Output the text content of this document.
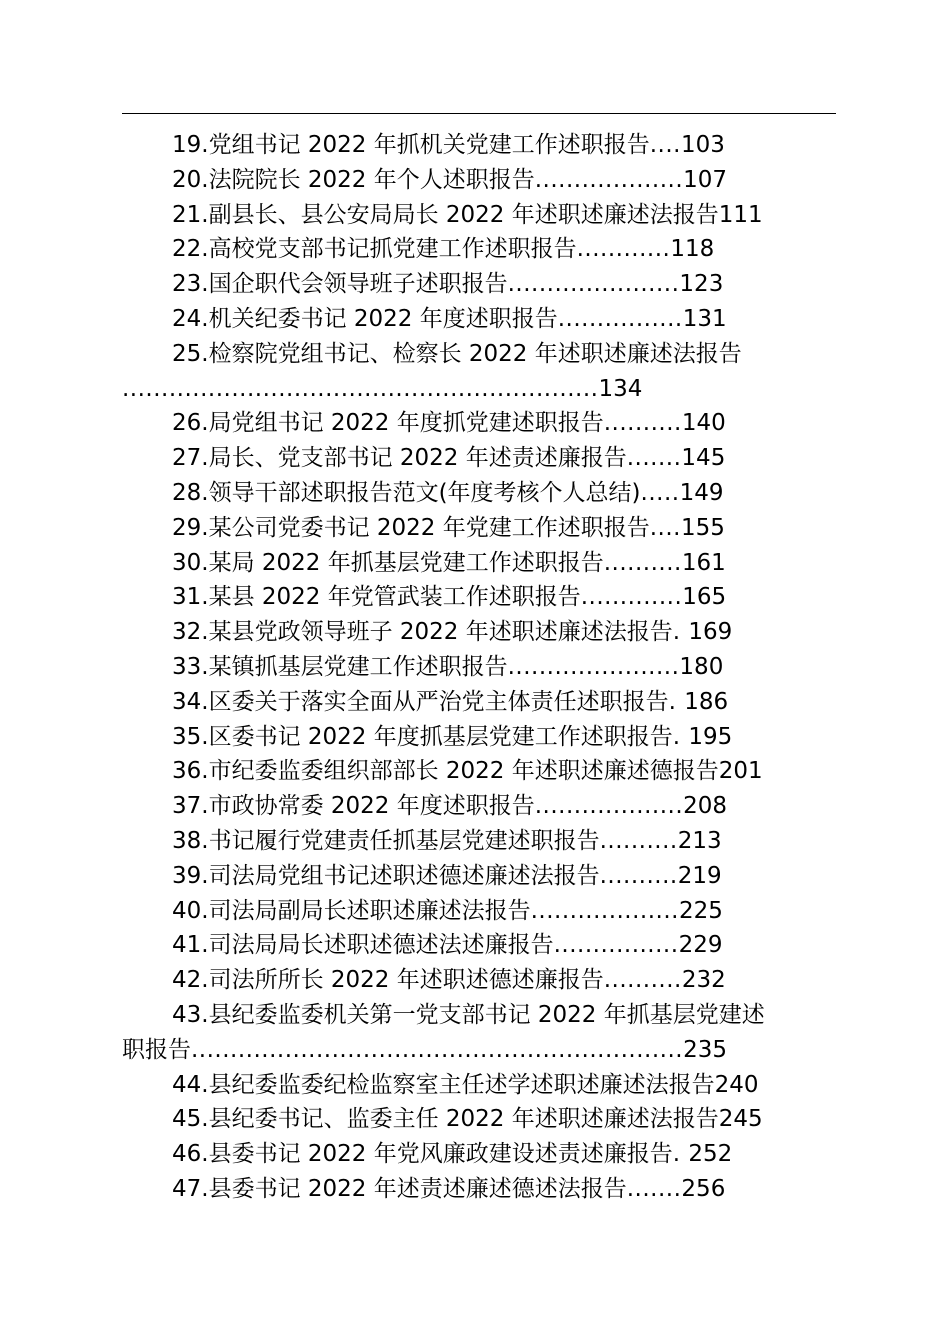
19.党组书记 2022 年抓机关党建工作述职报告....103
20.法院院长 2022 年个人述职报告...................107
21.副县长、县公安局局长 2022 年述职述廉述法报告111
22.高校党支部书记抓党建工作述职报告............118
23.国企职代会领导班子述职报告......................123
24.机关纪委书记 2022 年度述职报告................131
25.检察院党组书记、检察长 2022 年述职述廉述法报告
.............................................................134
26.局党组书记 2022 年度抓党建述职报告..........140
27.局长、党支部书记 2022 年述责述廉报告.......145
28.领导干部述职报告范文(年度考核个人总结).....149
29.某公司党委书记 2022 年党建工作述职报告....155
30.某局 2022 年抓基层党建工作述职报告..........161
31.某县 2022 年党管武装工作述职报告.............165
32.某县党政领导班子 2022 年述职述廉述法报告. 169
33.某镇抓基层党建工作述职报告......................180
34.区委关于落实全面从严治党主体责任述职报告. 186
35.区委书记 2022 年度抓基层党建工作述职报告. 195
36.市纪委监委组织部部长 2022 年述职述廉述德报告201
37.市政协常委 2022 年度述职报告...................208
38.书记履行党建责任抓基层党建述职报告..........213
39.司法局党组书记述职述德述廉述法报告..........219
40.司法局副局长述职述廉述法报告...................225
41.司法局局长述职述德述法述廉报告................229
42.司法所所长 2022 年述职述德述廉报告..........232
43.县纪委监委机关第一党支部书记 2022 年抓基层党建述
职报告...............................................................235
44.县纪委监委纪检监察室主任述学述职述廉述法报告240
45.县纪委书记、监委主任 2022 年述职述廉述法报告245
46.县委书记 2022 年党风廉政建设述责述廉报告. 252
47.县委书记 2022 年述责述廉述德述法报告.......256
